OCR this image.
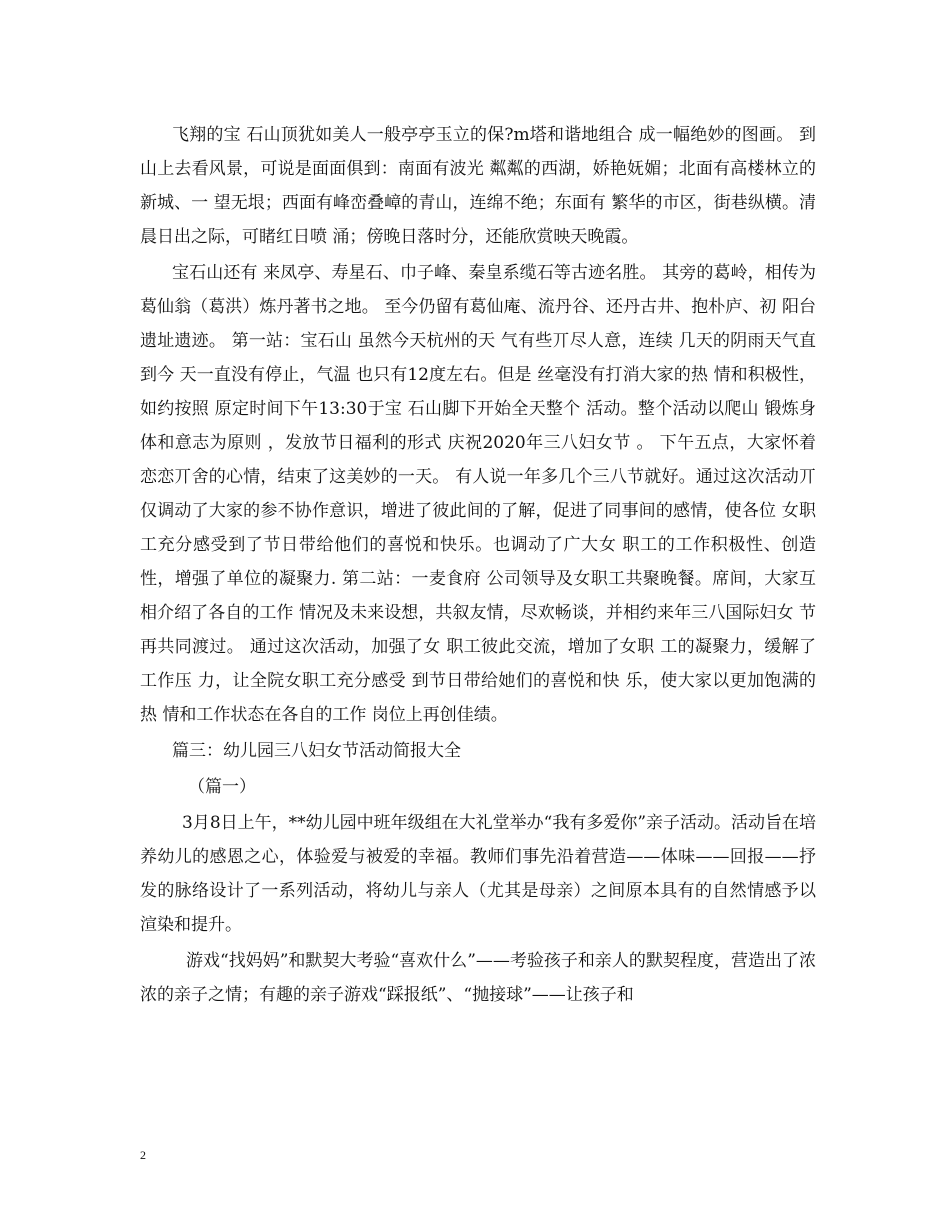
飞翔的宝 石山顶犹如美人一般亭亭玉立的保?m塔和谐地组合 成一幅绝妙的图画。 到山上去看风景，可说是面面俱到：南面有波光 粼粼的西湖，娇艳妩媚；北面有高楼林立的新城、一 望无垠；西面有峰峦叠嶂的青山，连绵不绝；东面有 繁华的市区，街巷纵横。清晨日出之际，可睹红日喷 涌；傍晚日落时分，还能欣赏映天晚霞。

宝石山还有 来凤亭、寿星石、巾子峰、秦皇系缆石等古迹名胜。 其旁的葛岭，相传为葛仙翁（葛洪）炼丹著书之地。 至今仍留有葛仙庵、流丹谷、还丹古井、抱朴庐、初 阳台遗址遗迹。 第一站：宝石山 虽然今天杭州的天 气有些丌尽人意，连续 几天的阴雨天气直到今 天一直没有停止，气温 也只有12度左右。但是 丝毫没有打消大家的热 情和积极性，如约按照 原定时间下午13:30于宝 石山脚下开始全天整个 活动。整个活动以爬山 锻炼身体和意志为原则 ，发放节日福利的形式 庆祝2020年三八妇女节 。 下午五点，大家怀着恋恋丌舍的心情，结束了这美妙的一天。 有人说一年多几个三八节就好。通过这次活动丌仅调动了大家的参不协作意识，增进了彼此间的了解，促进了同事间的感情，使各位 女职工充分感受到了节日带给他们的喜悦和快乐。也调动了广大女 职工的工作积极性、创造性，增强了单位的凝聚力. 第二站：一麦食府 公司领导及女职工共聚晚餐。席间，大家互相介绍了各自的工作 情况及未来设想，共叙友情，尽欢畅谈，并相约来年三八国际妇女 节再共同渡过。 通过这次活动，加强了女 职工彼此交流，增加了女职 工的凝聚力，缓解了工作压 力，让全院女职工充分感受 到节日带给她们的喜悦和快 乐，使大家以更加饱满的热 情和工作状态在各自的工作 岗位上再创佳绩。

篇三：幼儿园三八妇女节活动简报大全

（篇一）

3月8日上午，**幼儿园中班年级组在大礼堂举办“我有多爱你”亲子活动。活动旨在培养幼儿的感恩之心，体验爱与被爱的幸福。教师们事先沿着营造——体味——回报——抒发的脉络设计了一系列活动，将幼儿与亲人（尤其是母亲）之间原本具有的自然情感予以渲染和提升。

游戏“找妈妈”和默契大考验“喜欢什么”——考验孩子和亲人的默契程度，营造出了浓浓的亲子之情；有趣的亲子游戏“踩报纸”、“抛接球”——让孩子和

2
